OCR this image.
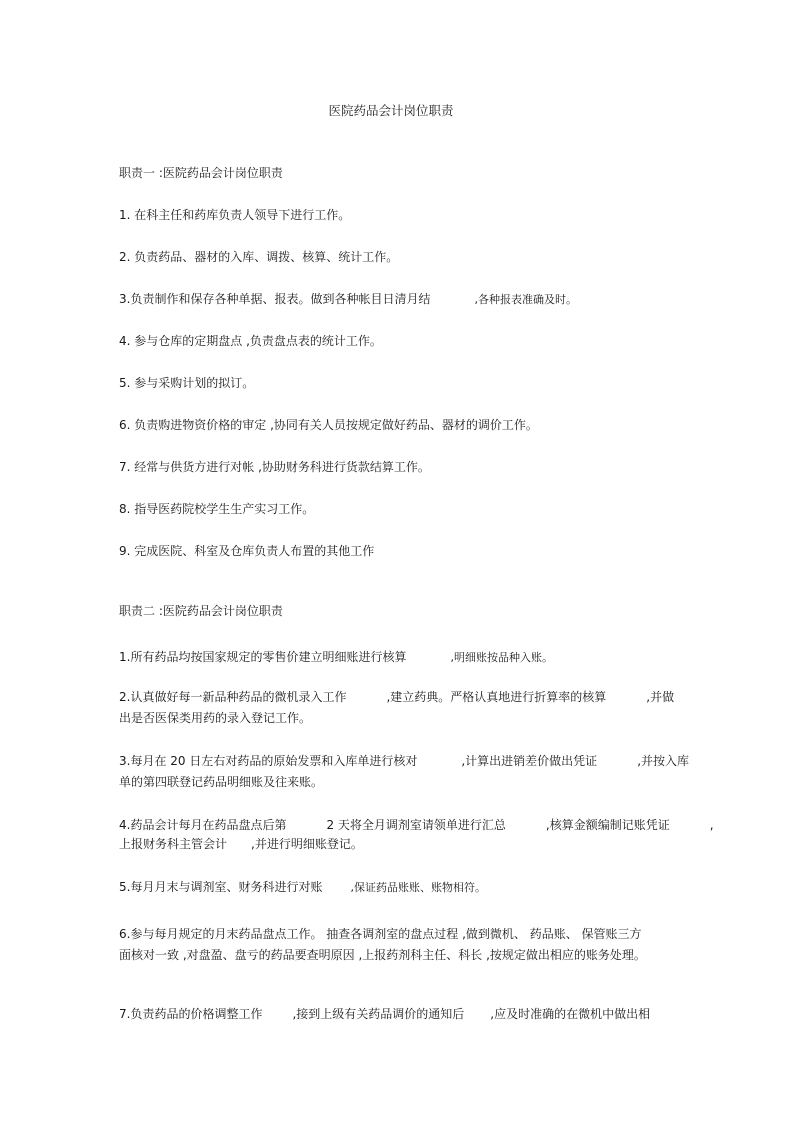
医院药品会计岗位职责
职责一 :医院药品会计岗位职责
1. 在科主任和药库负责人领导下进行工作。
2. 负责药品、器材的入库、调拨、核算、统计工作。
3.负责制作和保存各种单据、报表。做到各种帐目日清月结	,各种报表准确及时。
4. 参与仓库的定期盘点 ,负责盘点表的统计工作。
5. 参与采购计划的拟订。
6. 负责购进物资价格的审定 ,协同有关人员按规定做好药品、器材的调价工作。
7. 经常与供货方进行对帐 ,协助财务科进行货款结算工作。
8. 指导医药院校学生生产实习工作。
9. 完成医院、科室及仓库负责人布置的其他工作
职责二 :医院药品会计岗位职责
1.所有药品均按国家规定的零售价建立明细账进行核算	,明细账按品种入账。
2.认真做好每一新品种药品的微机录入工作	,建立药典。严格认真地进行折算率的核算	,并做
出是否医保类用药的录入登记工作。
3.每月在 20 日左右对药品的原始发票和入库单进行核对	,计算出进销差价做出凭证	,并按入库
单的第四联登记药品明细账及往来账。
4.药品会计每月在药品盘点后第	2 天将全月调剂室请领单进行汇总	,核算金额编制记账凭证	,
上报财务科主管会计 ,并进行明细账登记。
5.每月月末与调剂室、财务科进行对账	,保证药品账账、账物相符。
6.参与每月规定的月末药品盘点工作。 抽查各调剂室的盘点过程 ,做到微机、 药品账、 保管账三方
面核对一致 ,对盘盈、盘亏的药品要查明原因 ,上报药剂科主任、科长 ,按规定做出相应的账务处理。
7.负责药品的价格调整工作	,接到上级有关药品调价的通知后 ,应及时准确的在微机中做出相
